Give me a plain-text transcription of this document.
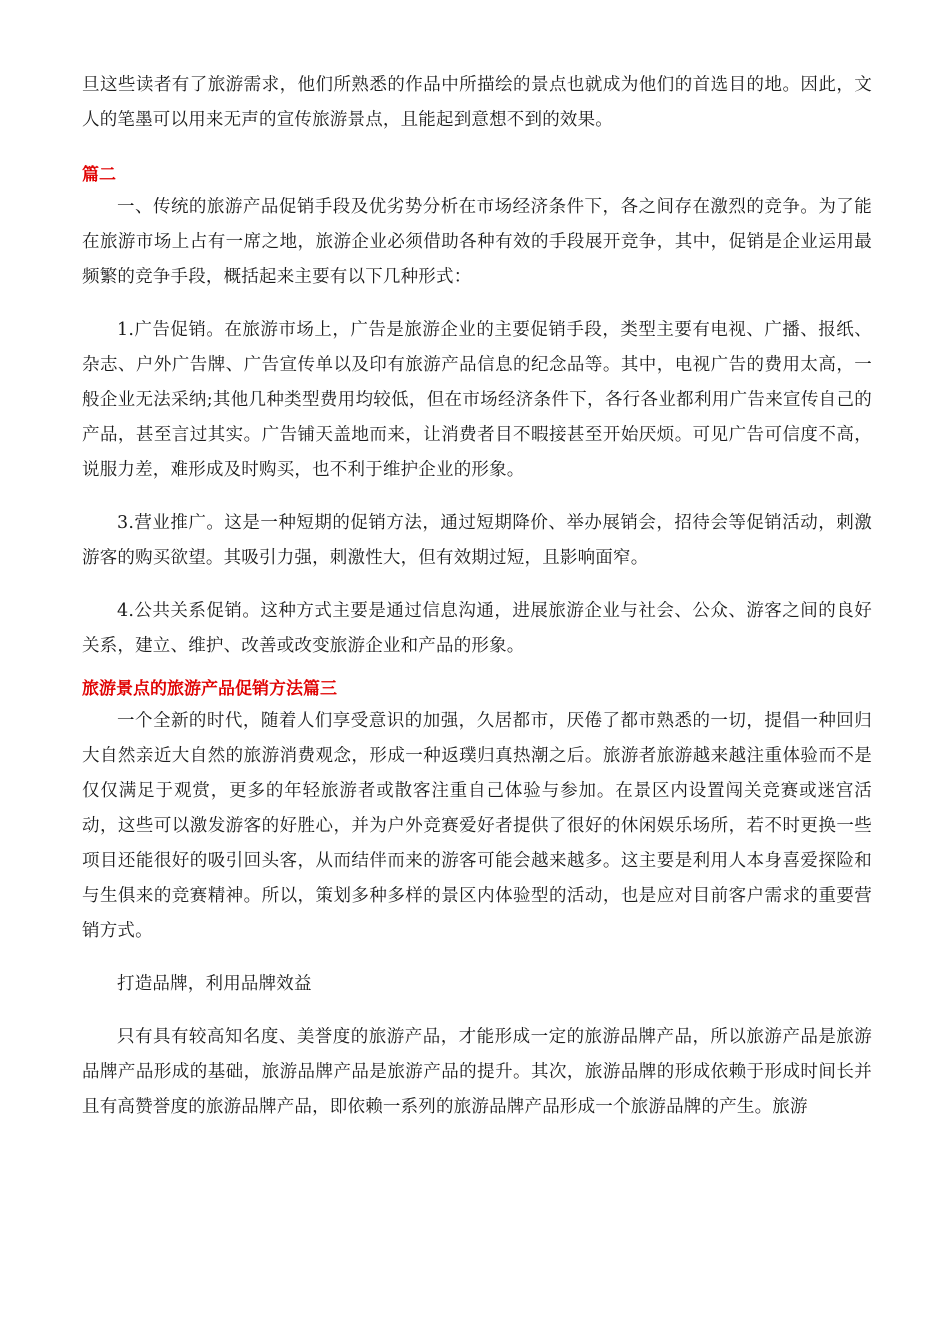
旦这些读者有了旅游需求，他们所熟悉的作品中所描绘的景点也就成为他们的首选目的地。因此，文人的笔墨可以用来无声的宣传旅游景点，且能起到意想不到的效果。

篇二

一、传统的旅游产品促销手段及优劣势分析在市场经济条件下，各之间存在激烈的竞争。为了能在旅游市场上占有一席之地，旅游企业必须借助各种有效的手段展开竞争，其中，促销是企业运用最频繁的竞争手段，概括起来主要有以下几种形式：

1.广告促销。在旅游市场上，广告是旅游企业的主要促销手段，类型主要有电视、广播、报纸、杂志、户外广告牌、广告宣传单以及印有旅游产品信息的纪念品等。其中，电视广告的费用太高，一般企业无法采纳;其他几种类型费用均较低，但在市场经济条件下，各行各业都利用广告来宣传自己的产品，甚至言过其实。广告铺天盖地而来，让消费者目不暇接甚至开始厌烦。可见广告可信度不高，说服力差，难形成及时购买，也不利于维护企业的形象。

3.营业推广。这是一种短期的促销方法，通过短期降价、举办展销会，招待会等促销活动，刺激游客的购买欲望。其吸引力强，刺激性大，但有效期过短，且影响面窄。

4.公共关系促销。这种方式主要是通过信息沟通，进展旅游企业与社会、公众、游客之间的良好关系，建立、维护、改善或改变旅游企业和产品的形象。

旅游景点的旅游产品促销方法篇三

一个全新的时代，随着人们享受意识的加强，久居都市，厌倦了都市熟悉的一切，提倡一种回归大自然亲近大自然的旅游消费观念，形成一种返璞归真热潮之后。旅游者旅游越来越注重体验而不是仅仅满足于观赏，更多的年轻旅游者或散客注重自己体验与参加。在景区内设置闯关竞赛或迷宫活动，这些可以激发游客的好胜心，并为户外竞赛爱好者提供了很好的休闲娱乐场所，若不时更换一些项目还能很好的吸引回头客，从而结伴而来的游客可能会越来越多。这主要是利用人本身喜爱探险和与生俱来的竞赛精神。所以，策划多种多样的景区内体验型的活动，也是应对目前客户需求的重要营销方式。

打造品牌，利用品牌效益

只有具有较高知名度、美誉度的旅游产品，才能形成一定的旅游品牌产品，所以旅游产品是旅游品牌产品形成的基础，旅游品牌产品是旅游产品的提升。其次，旅游品牌的形成依赖于形成时间长并且有高赞誉度的旅游品牌产品，即依赖一系列的旅游品牌产品形成一个旅游品牌的产生。旅游
